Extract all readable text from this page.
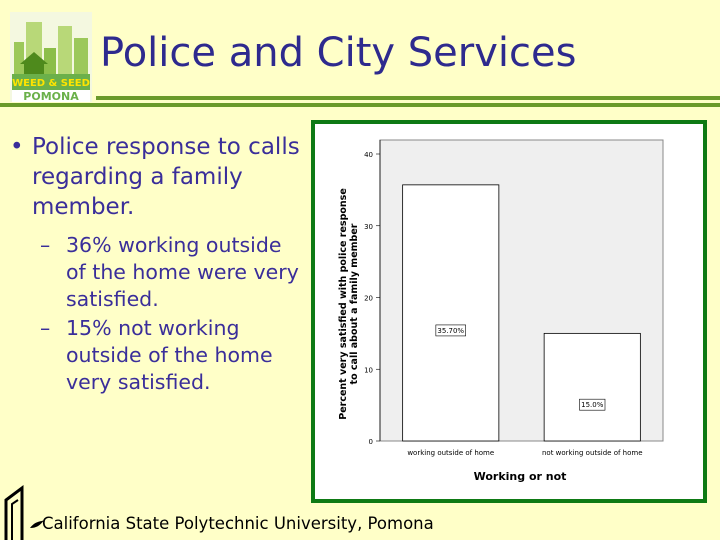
WEED & SEED
POMONA
Police and City Services
• Police response to calls regarding a family member.
– 36% working outside of the home were very satisfied.
– 15% not working outside of the home very satisfied.	Percent very satisfied with police response to call about a family member
Working or not
0
10
20
30
40
35.70%
working outside of home
15.0%
not working outside of home
California State Polytechnic University, Pomona
